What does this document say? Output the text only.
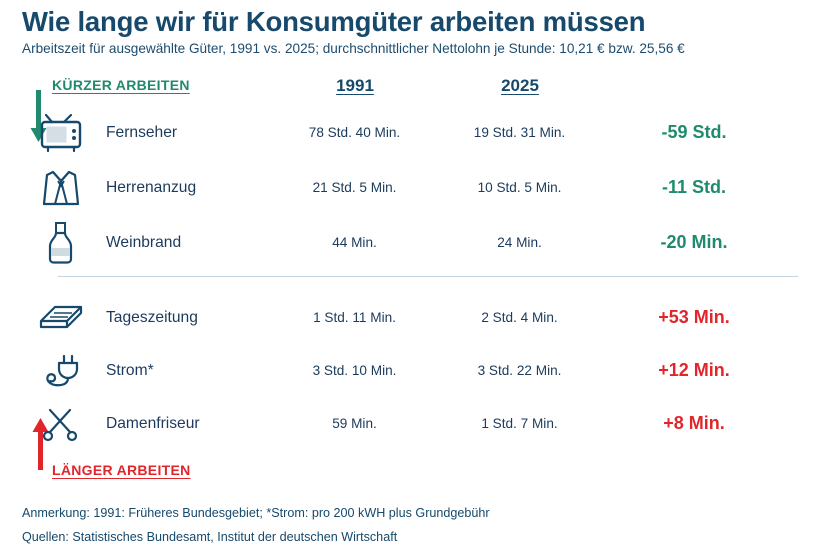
Wie lange wir für Konsumgüter arbeiten müssen
Arbeitszeit für ausgewählte Güter, 1991 vs. 2025; durchschnittlicher Nettolohn je Stunde: 10,21 € bzw. 25,56 €
1991	2025
KÜRZER ARBEITEN
LÄNGER ARBEITEN
Fernseher	78 Std. 40 Min.	19 Std. 31 Min.	-59 Std.
Herrenanzug	21 Std. 5 Min.	10 Std. 5 Min.	-11 Std.
Weinbrand	44 Min.	24 Min.	-20 Min.
Tageszeitung	1 Std. 11 Min.	2 Std. 4 Min.	+53 Min.
Strom*	3 Std. 10 Min.	3 Std. 22 Min.	+12 Min.
Damenfriseur	59 Min.	1 Std. 7 Min.	+8 Min.
Anmerkung: 1991: Früheres Bundesgebiet; *Strom: pro 200 kWH plus Grundgebühr
Quellen: Statistisches Bundesamt, Institut der deutschen Wirtschaft
